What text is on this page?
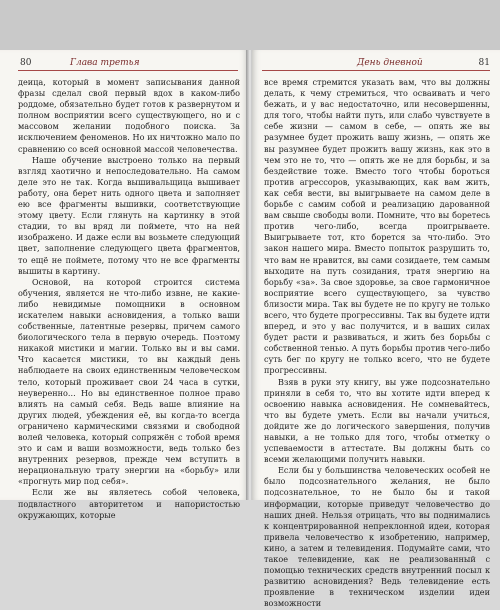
80	Глава третья

деица, который в момент записывания данной фразы сделал свой первый вдох в каком-либо роддоме, обязательно будет готов к развернутом и полном восприятии всего существующего, но и с массовом желании подобного поиска. За исключением феноменов. Но их ничтожно мало по сравнению со всей основной массой человечества.

Наше обучение выстроено только на первый взгляд хаотично и непоследовательно. На самом деле это не так. Когда вышивальщица вышивает работу, она берет нить одного цвета и заполняет ею все фрагменты вышивки, соответствующие этому цвету. Если глянуть на картинку в этой стадии, то вы вряд ли поймете, что на ней изображено. И даже если вы возьмете следующий цвет, заполнение следующего цвета фрагментов, то ещё не поймете, потому что не все фрагменты вышиты в картину.

Основой, на которой строится система обучения, является не что-либо извне, не какие-либо невидимые помощники в основном искателем навыки асновидения, а только ваши собственные, латентные резервы, причем самого биологического тела в первую очередь. Поэтому никакой мистики и магии. Только вы и вы сами. Что касается мистики, то вы каждый день наблюдаете на своих единственным человеческом тело, который проживает свои 24 часа в сутки, неуверенно... Но вы единственное полное право влиять на самый себя. Ведь ваше влияние на других людей, убеждения её, вы когда-то всегда ограничено кармическими связями и свободной волей человека, который сопряжён с тобой время это и сам и ваши возможности, ведь только без внутренних резервов, прежде чем вступить в нерациональную трату энергии на «борьбу» или «прогнуть мир под себя».

Если же вы являетесь собой человека, подвластного авторитетом и напористостью окружающих, которые

День дневной	81

все время стремится указать вам, что вы должны делать, к чему стремиться, что осваивать и чего бежать, и у вас недостаточно, или несовершенны, для того, чтобы найти путь, или слабо чувствуете в себе жизни — самом в себе, — опять же вы разумнее будет прожить вашу жизнь, — опять же вы разумнее будет прожить вашу жизнь, как это в чем это не то, что — опять же не для борьбы, и за бездействие тоже. Вместо того чтобы бороться против агрессоров, указывающих, как вам жить, как себя вести, вы выигрываете на самом деле в борьбе с самим собой и реализацию дарованной вам свыше свободы воли. Помните, что вы боретесь против чего-либо, всегда проигрываете. Выигрываете тот, кто борется за что-либо. Это закон нашего мира. Вместо попыток разрушить то, что вам не нравится, вы сами созидаете, тем самым выходите на путь созидания, тратя энергию на борьбу «за». За свое здоровье, за свое гармоничное восприятие всего существующего, за чувство близости мира. Так вы будете не по кругу не только всего, что будете прогрессивны. Так вы будете идти вперед, и это у вас получится, и в ваших силах будет расти и развиваться, и жить без борьбы с собственной тенью. А путь борьбы против чего-либо суть бег по кругу не только всего, что не будете прогрессивны.

Взяв в руки эту книгу, вы уже подсознательно приняли в себя то, что вы хотите идти вперед к освоению навыка асновидения. Не сомневайтесь, что вы будете уметь. Если вы начали учиться, дойдите же до логического завершения, получив навыки, а не только для того, чтобы отметку о успеваемости в аттестате. Вы должны быть со всеми желающими получить навыки.

Если бы у большинства человеческих особей не было подсознательного желания, не было подсознательное, то не было бы и такой информации, которые приведут человечество до наших дней. Нельзя отрицать, что вы поднимались к концентрированной непреклонной идеи, которая привела человечество к изобретению, например, кино, а затем и телевидения. Подумайте сами, что такое телевидение, как не реализованный с помощью технических средств внутренний посыл к развитию асновидения? Ведь телевидение есть проявление в техническом изделии идеи возможности
